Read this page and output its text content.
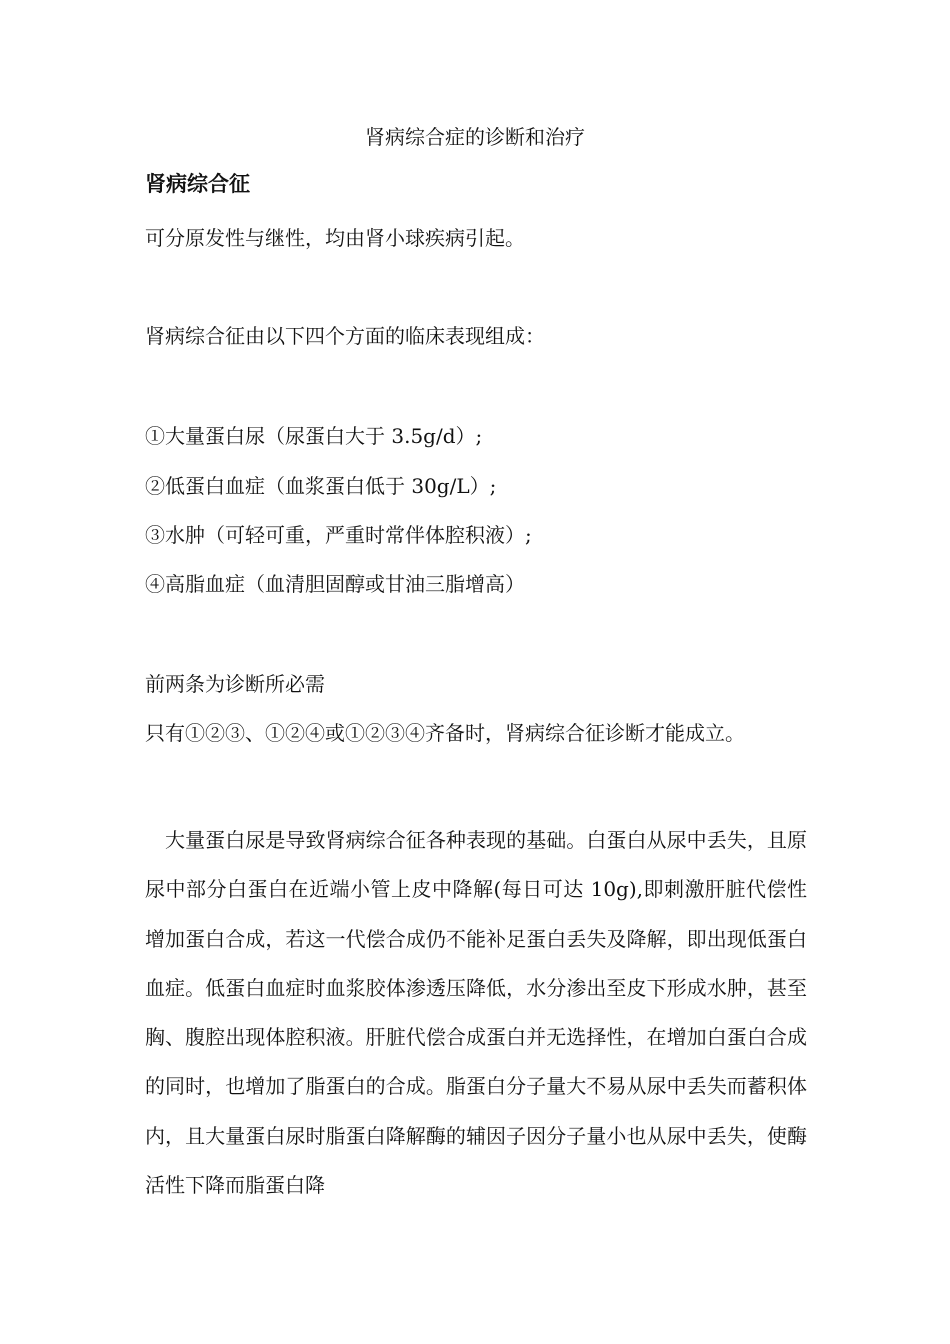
肾病综合症的诊断和治疗
肾病综合征

可分原发性与继性，均由肾小球疾病引起。

肾病综合征由以下四个方面的临床表现组成：

①大量蛋白尿（尿蛋白大于 3.5g/d）;

②低蛋白血症（血浆蛋白低于 30g/L）;

③水肿（可轻可重，严重时常伴体腔积液）;

④高脂血症（血清胆固醇或甘油三脂增高）

前两条为诊断所必需

只有①②③、①②④或①②③④齐备时，肾病综合征诊断才能成立。

大量蛋白尿是导致肾病综合征各种表现的基础。白蛋白从尿中丢失，且原尿中部分白蛋白在近端小管上皮中降解(每日可达 10g),即刺激肝脏代偿性增加蛋白合成，若这一代偿合成仍不能补足蛋白丢失及降解，即出现低蛋白血症。低蛋白血症时血浆胶体渗透压降低，水分渗出至皮下形成水肿，甚至胸、腹腔出现体腔积液。肝脏代偿合成蛋白并无选择性，在增加白蛋白合成的同时，也增加了脂蛋白的合成。脂蛋白分子量大不易从尿中丢失而蓄积体内，且大量蛋白尿时脂蛋白降解酶的辅因子因分子量小也从尿中丢失，使酶活性下降而脂蛋白降
